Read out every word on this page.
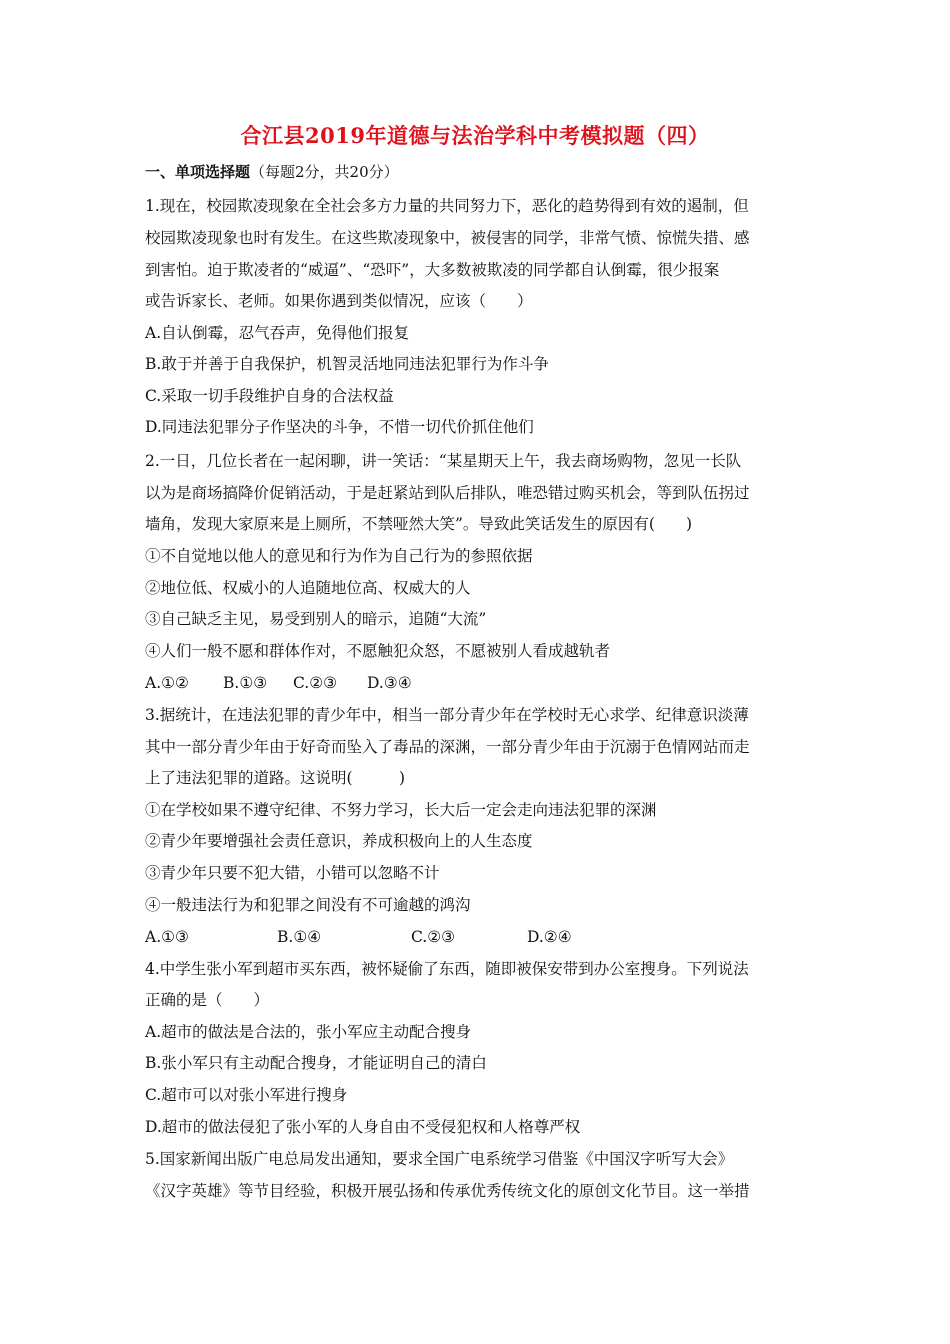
合江县2019年道德与法治学科中考模拟题（四）
一、单项选择题（每题2分，共20分）
1.现在，校园欺凌现象在全社会多方力量的共同努力下，恶化的趋势得到有效的遏制，但
校园欺凌现象也时有发生。在这些欺凌现象中，被侵害的同学，非常气愤、惊慌失措、感
到害怕。迫于欺凌者的“威逼”、“恐吓”，大多数被欺凌的同学都自认倒霉，很少报案
或告诉家长、老师。如果你遇到类似情况，应该（　　）
A.自认倒霉，忍气吞声，免得他们报复
B.敢于并善于自我保护，机智灵活地同违法犯罪行为作斗争
C.采取一切手段维护自身的合法权益
D.同违法犯罪分子作坚决的斗争，不惜一切代价抓住他们
2.一日，几位长者在一起闲聊，讲一笑话：“某星期天上午，我去商场购物，忽见一长队
以为是商场搞降价促销活动，于是赶紧站到队后排队，唯恐错过购买机会，等到队伍拐过
墙角，发现大家原来是上厕所，不禁哑然大笑”。导致此笑话发生的原因有(　　)
①不自觉地以他人的意见和行为作为自己行为的参照依据
②地位低、权威小的人追随地位高、权威大的人
③自己缺乏主见，易受到别人的暗示，追随“大流”
④人们一般不愿和群体作对，不愿触犯众怒，不愿被别人看成越轨者
A.①② B.①③ C.②③ D.③④
3.据统计，在违法犯罪的青少年中，相当一部分青少年在学校时无心求学、纪律意识淡薄
其中一部分青少年由于好奇而坠入了毒品的深渊，一部分青少年由于沉溺于色情网站而走
上了违法犯罪的道路。这说明(　　　)
①在学校如果不遵守纪律、不努力学习，长大后一定会走向违法犯罪的深渊
②青少年要增强社会责任意识，养成积极向上的人生态度
③青少年只要不犯大错，小错可以忽略不计
④一般违法行为和犯罪之间没有不可逾越的鸿沟
A.①③	B.①④	C.②③	D.②④
4.中学生张小军到超市买东西，被怀疑偷了东西，随即被保安带到办公室搜身。下列说法
正确的是（　　）
A.超市的做法是合法的，张小军应主动配合搜身
B.张小军只有主动配合搜身，才能证明自己的清白
C.超市可以对张小军进行搜身
D.超市的做法侵犯了张小军的人身自由不受侵犯权和人格尊严权
5.国家新闻出版广电总局发出通知，要求全国广电系统学习借鉴《中国汉字听写大会》
《汉字英雄》等节目经验，积极开展弘扬和传承优秀传统文化的原创文化节目。这一举措
